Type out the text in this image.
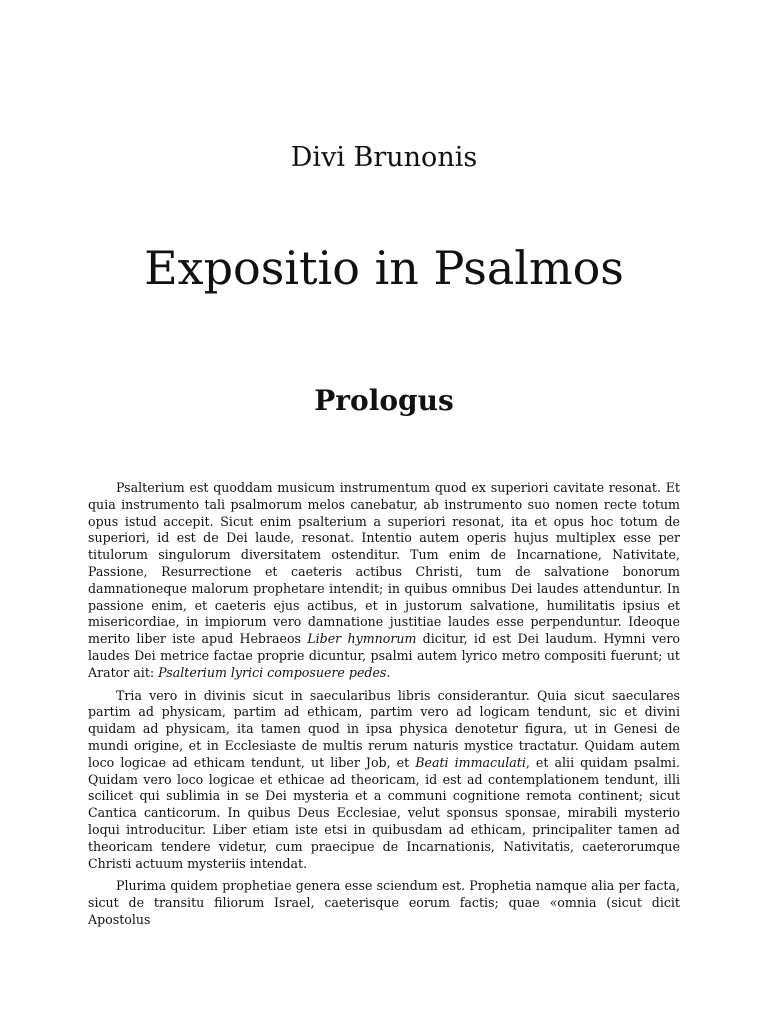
Divi Brunonis
Expositio in Psalmos
Prologus

Psalterium est quoddam musicum instrumentum quod ex superiori cavitate resonat. Et quia instrumento tali psalmorum melos canebatur, ab instrumento suo nomen recte totum opus istud accepit. Sicut enim psalterium a superiori resonat, ita et opus hoc totum de superiori, id est de Dei laude, resonat. Intentio autem operis hujus multiplex esse per titulorum singulorum diversitatem ostenditur. Tum enim de Incarnatione, Nativitate, Passione, Resurrectione et caeteris actibus Christi, tum de salvatione bonorum damnationeque malorum prophetare intendit; in quibus omnibus Dei laudes attenduntur. In passione enim, et caeteris ejus actibus, et in justorum salvatione, humilitatis ipsius et misericordiae, in impiorum vero damnatione justitiae laudes esse perpenduntur. Ideoque merito liber iste apud Hebraeos Liber hymnorum dicitur, id est Dei laudum. Hymni vero laudes Dei metrice factae proprie dicuntur, psalmi autem lyrico metro compositi fuerunt; ut Arator ait: Psalterium lyrici composuere pedes.

Tria vero in divinis sicut in saecularibus libris considerantur. Quia sicut saeculares partim ad physicam, partim ad ethicam, partim vero ad logicam tendunt, sic et divini quidam ad physicam, ita tamen quod in ipsa physica denotetur figura, ut in Genesi de mundi origine, et in Ecclesiaste de multis rerum naturis mystice tractatur. Quidam autem loco logicae ad ethicam tendunt, ut liber Job, et Beati immaculati, et alii quidam psalmi. Quidam vero loco logicae et ethicae ad theoricam, id est ad contemplationem tendunt, illi scilicet qui sublimia in se Dei mysteria et a communi cognitione remota continent; sicut Cantica canticorum. In quibus Deus Ecclesiae, velut sponsus sponsae, mirabili mysterio loqui introducitur. Liber etiam iste etsi in quibusdam ad ethicam, principaliter tamen ad theoricam tendere videtur, cum praecipue de Incarnationis, Nativitatis, caeterorumque Christi actuum mysteriis intendat.

Plurima quidem prophetiae genera esse sciendum est. Prophetia namque alia per facta, sicut de transitu filiorum Israel, caeterisque eorum factis; quae «omnia (sicut dicit Apostolus
